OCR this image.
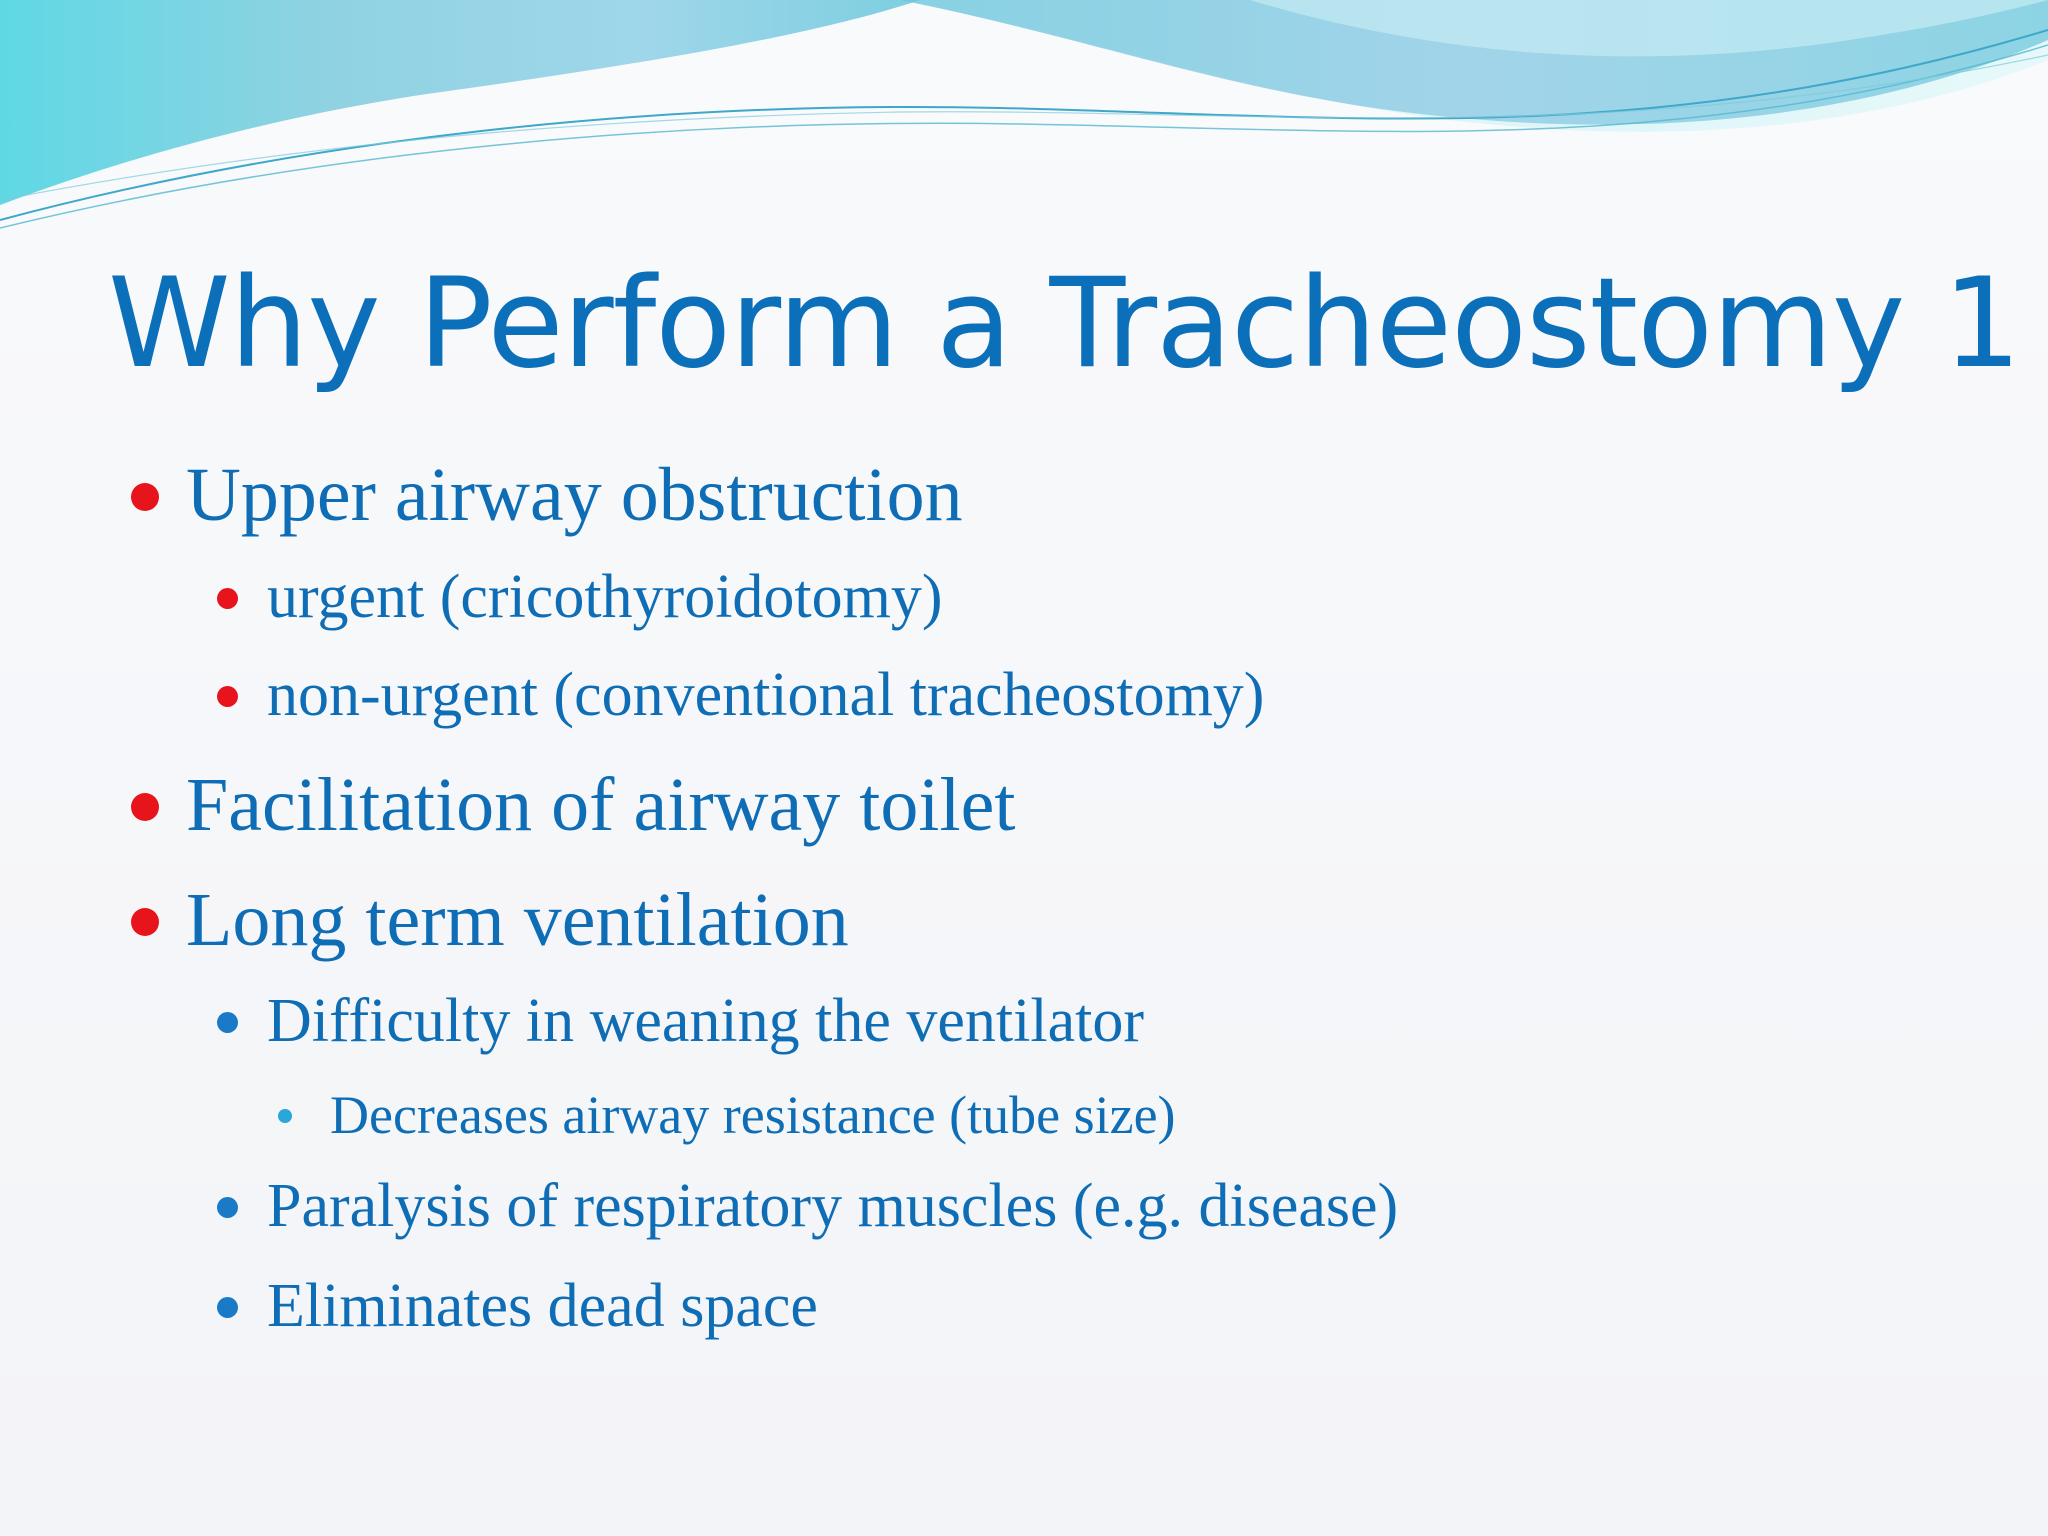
Why Perform a Tracheostomy 1
Upper airway obstruction
urgent (cricothyroidotomy)
non-urgent (conventional tracheostomy)
Facilitation of airway toilet
Long term ventilation
Difficulty in weaning the ventilator
Decreases airway resistance (tube size)
Paralysis of respiratory muscles (e.g. disease)
Eliminates dead space
